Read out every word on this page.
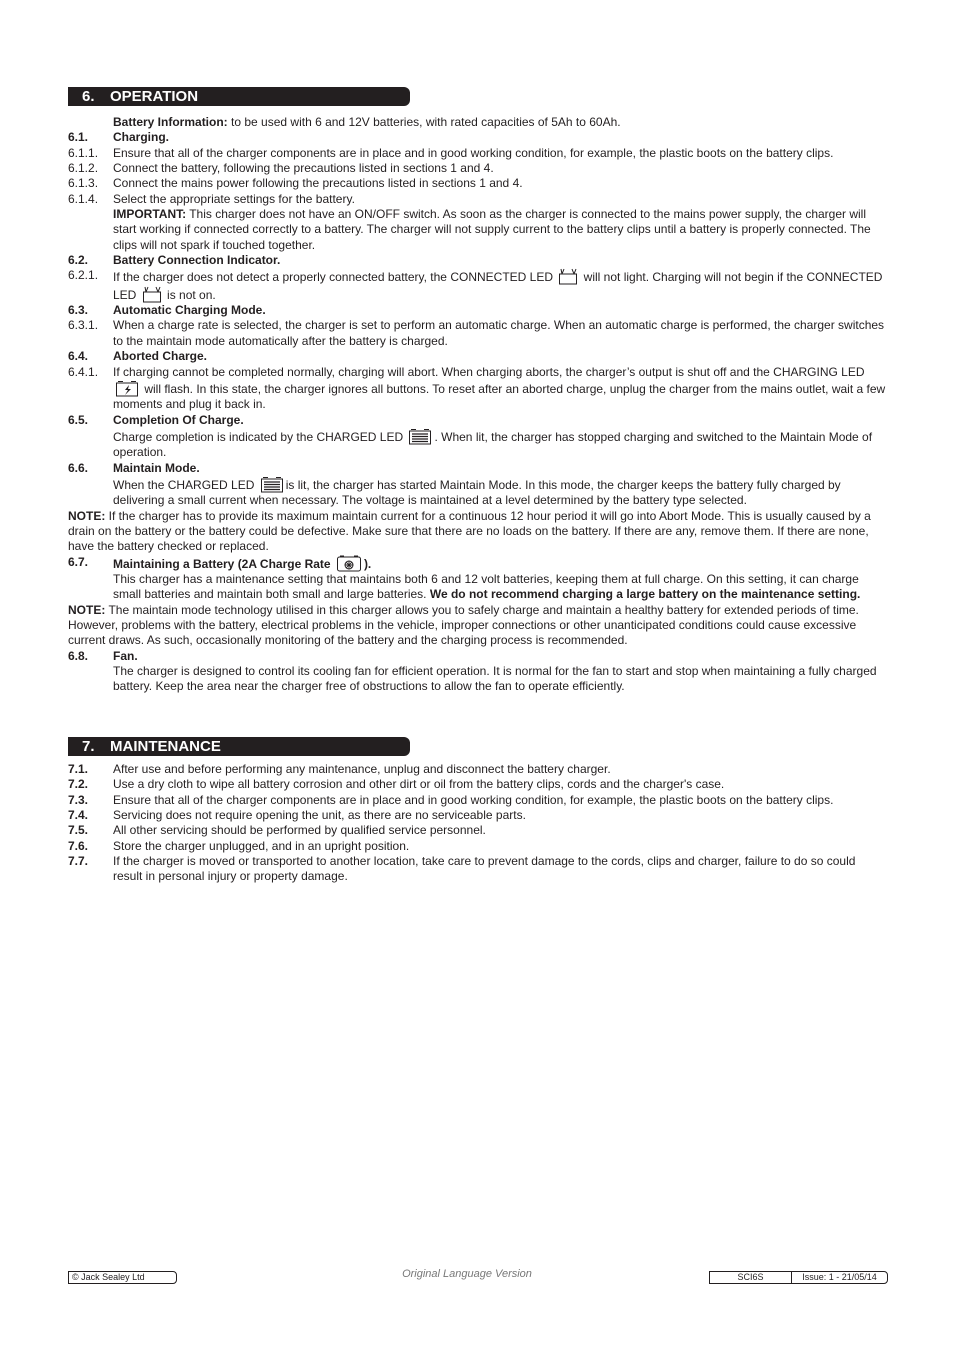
6. OPERATION
Battery Information: to be used with 6 and 12V batteries, with rated capacities of 5Ah to 60Ah.
6.1.	Charging.
6.1.1.	Ensure that all of the charger components are in place and in good working condition, for example, the plastic boots on the battery clips.
6.1.2.	Connect the battery, following the precautions listed in sections 1 and 4.
6.1.3.	Connect the mains power following the precautions listed in sections 1 and 4.
6.1.4.	Select the appropriate settings for the battery.
IMPORTANT: This charger does not have an ON/OFF switch. As soon as the charger is connected to the mains power supply, the charger will start working if connected correctly to a battery. The charger will not supply current to the battery clips until a battery is properly connected. The clips will not spark if touched together.
6.2.	Battery Connection Indicator.
6.2.1.	If the charger does not detect a properly connected battery, the CONNECTED LED  will not light. Charging will not begin if the CONNECTED LED  is not on.
6.3.	Automatic Charging Mode.
6.3.1.	When a charge rate is selected, the charger is set to perform an automatic charge. When an automatic charge is performed, the charger switches to the maintain mode automatically after the battery is charged.
6.4.	Aborted Charge.
6.4.1.	If charging cannot be completed normally, charging will abort. When charging aborts, the charger’s output is shut off and the CHARGING LED  will flash. In this state, the charger ignores all buttons. To reset after an aborted charge, unplug the charger from the mains outlet, wait a few moments and plug it back in.
6.5.	Completion Of Charge.
Charge completion is indicated by the CHARGED LED . When lit, the charger has stopped charging and switched to the Maintain Mode of operation.
6.6.	Maintain Mode.
When the CHARGED LED is lit, the charger has started Maintain Mode. In this mode, the charger keeps the battery fully charged by delivering a small current when necessary. The voltage is maintained at a level determined by the battery type selected.
NOTE: If the charger has to provide its maximum maintain current for a continuous 12 hour period it will go into Abort Mode. This is usually caused by a drain on the battery or the battery could be defective. Make sure that there are no loads on the battery. If there are any, remove them. If there are none, have the battery checked or replaced.
6.7.	Maintaining a Battery (2A Charge Rate	).
This charger has a maintenance setting that maintains both 6 and 12 volt batteries, keeping them at full charge. On this setting, it can charge small batteries and maintain both small and large batteries. We do not recommend charging a large battery on the maintenance setting.
NOTE: The maintain mode technology utilised in this charger allows you to safely charge and maintain a healthy battery for extended periods of time. However, problems with the battery, electrical problems in the vehicle, improper connections or other unanticipated conditions could cause excessive current draws. As such, occasionally monitoring of the battery and the charging process is recommended.
6.8.	Fan.
The charger is designed to control its cooling fan for efficient operation. It is normal for the fan to start and stop when maintaining a fully charged battery. Keep the area near the charger free of obstructions to allow the fan to operate efficiently.
7. MAINTENANCE
7.1.	After use and before performing any maintenance, unplug and disconnect the battery charger.
7.2.	Use a dry cloth to wipe all battery corrosion and other dirt or oil from the battery clips, cords and the charger's case.
7.3.	Ensure that all of the charger components are in place and in good working condition, for example, the plastic boots on the battery clips.
7.4.	Servicing does not require opening the unit, as there are no serviceable parts.
7.5.	All other servicing should be performed by qualified service personnel.
7.6.	Store the charger unplugged, and in an upright position.
7.7.	If the charger is moved or transported to another location, take care to prevent damage to the cords, clips and charger, failure to do so could result in personal injury or property damage.
© Jack Sealey Ltd	Original Language Version	SCI6S	Issue: 1 - 21/05/14
